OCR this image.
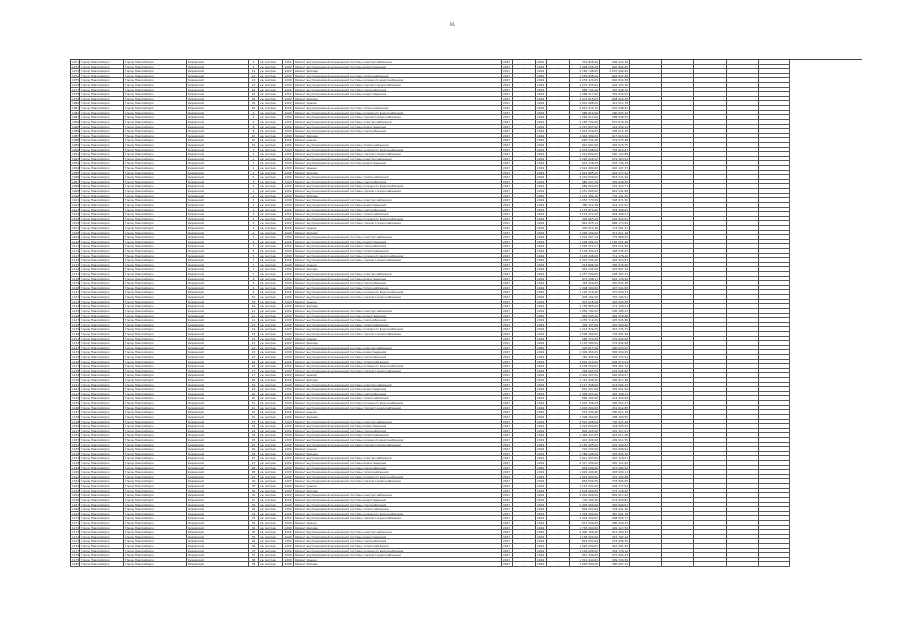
91
1071 Город Новосибирск	Город Новосибирск	Кировский	4	кв. метров	1200	Ремонт внутридомовой инженерной системы электроснабжения	2047	-	2049	-	312 856,00	285 414,10
1072 Город Новосибирск	Город Новосибирск	Кировский	4	кв. метров	1200	Ремонт внутридомовой инженерной системы водоотведения	2047	-	2049	-	1 498 636,18	920 804,85
1073 Город Новосибирск	Город Новосибирск	Кировский	14	кв. метров	1200	Ремонт фасада	2047	-	2049	-	4 182 748,00	2 870 584,00
1074 Город Новосибирск	Город Новосибирск	Кировский	14	кв. метров	1200	Ремонт внутридомовой инженерной системы теплоснабжения	2047	-	2049	-	1 250 848,00	604 847,25
1075 Город Новосибирск	Город Новосибирск	Кировский	14	кв. метров	1200	Ремонт внутридомовой инженерной системы холодного водоснабжения	2047	-	2049	-	2 253 420,00	604 842,58
1076 Город Новосибирск	Город Новосибирск	Кировский	14	кв. метров	1200	Ремонт внутридомовой инженерной системы горячего водоснабжения	2047	-	2049	-	1 575 335,00	402 125,40
1077 Город Новосибирск	Город Новосибирск	Кировский	16	кв. метров	1200	Ремонт внутридомовой инженерной системы газоснабжения	2047	-	2049	-	689 744,00	397 428,75
1078 Город Новосибирск	Город Новосибирск	Кировский	16	кв. метров	1200	Ремонт внутридомовой инженерной системы водоотведения	2047	-	2049	-	1 268 217,00	381 033,05
1079 Город Новосибирск	Город Новосибирск	Кировский	16	кв. метров	1200	Ремонт фасада	2047	-	2049	-	2 474 815,00	838 416,38
1080 Город Новосибирск	Город Новосибирск	Кировский	16	кв. метров	1200	Ремонт крыши	2047	-	2049	-	1 614 286,00	411 511,78
1081 Город Новосибирск	Город Новосибирск	Кировский	16	кв. метров	1200	Ремонт внутридомовой инженерной системы теплоснабжения	2047	-	2049	-	2 641 274,75	401 548,97
1082 Город Новосибирск	Город Новосибирск	Кировский	2	кв. метров	1200	Ремонт внутридомовой инженерной системы холодного водоснабжения	2047	-	2049	-	386 810,00	290 023,34
1083 Город Новосибирск	Город Новосибирск	Кировский	2	кв. метров	1200	Ремонт внутридомовой инженерной системы горячего водоснабжения	2047	-	2049	-	1 066 414,00	288 938,55
1084 Город Новосибирск	Город Новосибирск	Кировский	2	кв. метров	1200	Ремонт внутридомовой инженерной системы электроснабжения	2047	-	2049	-	2 163 722,00	675 876,18
1085 Город Новосибирск	Город Новосибирск	Кировский	8	кв. метров	1200	Ремонт внутридомовой инженерной системы водоотведения	2047	-	2049	-	2 215 807,00	324 050,15
1086 Город Новосибирск	Город Новосибирск	Кировский	8	кв. метров	1200	Ремонт внутридомовой инженерной системы газоснабжения	2047	-	2049	-	1 012 250,00	209 512,10
1087 Город Новосибирск	Город Новосибирск	Кировский	10	кв. метров	1200	Ремонт фасада	2047	-	2049	-	1 402 389,00	617 015,44
1088 Город Новосибирск	Город Новосибирск	Кировский	10	кв. метров	1200	Ремонт крыши	2047	-	2049	-	682 334,00	319 575,48
1089 Город Новосибирск	Город Новосибирск	Кировский	10	кв. метров	1200	Ремонт внутридомовой инженерной системы теплоснабжения	2047	-	2049	-	622 997,00	402 573,75
1090 Город Новосибирск	Город Новосибирск	Кировский	1	кв. метров	1200	Ремонт внутридомовой инженерной системы холодного водоснабжения	2047	-	2049	-	2 078 048,00	763 614,87
1091 Город Новосибирск	Город Новосибирск	Кировский	1	кв. метров	1200	Ремонт внутридомовой инженерной системы горячего водоснабжения	2047	-	2049	-	1 314 802,00	580 122,88
1092 Город Новосибирск	Город Новосибирск	Кировский	1	кв. метров	1200	Ремонт внутридомовой инженерной системы электроснабжения	2047	-	2049	-	3 295 629,00	679 263,04
1093 Город Новосибирск	Город Новосибирск	Кировский	1	кв. метров	1200	Ремонт внутридомовой инженерной системы водоотведения	2047	-	2049	-	614 128,00	502 746,19
1094 Город Новосибирск	Город Новосибирск	Кировский	1	кв. метров	1200	Ремонт крыши	2047	-	2049	-	1 522 480,00	445 107,37
1095 Город Новосибирск	Город Новосибирск	Кировский	2	кв. метров	1200	Ремонт фасада	2047	-	2049	-	2 041 885,00	644 577,91
1096 Город Новосибирск	Город Новосибирск	Кировский	2	кв. метров	1200	Ремонт внутридомовой инженерной системы теплоснабжения	2047	-	2049	-	3 215 839,00	843 271,40
1097 Город Новосибирск	Город Новосибирск	Кировский	2	кв. метров	1200	Ремонт внутридомовой инженерной системы газоснабжения	2047	-	2049	-	480 237,00	309 638,00
1098 Город Новосибирск	Город Новосибирск	Кировский	2	кв. метров	1200	Ремонт внутридомовой инженерной системы холодного водоснабжения	2047	-	2049	-	284 620,00	321 114,71
1099 Город Новосибирск	Город Новосибирск	Кировский	2	кв. метров	1200	Ремонт внутридомовой инженерной системы горячего водоснабжения	2047	-	2049	-	1 251 800,00	842 241,68
1100 Город Новосибирск	Город Новосибирск	Кировский	2	кв. метров	1200	Ремонт фасада	2047	-	2049	-	1 112 364,10	701 121,55
1101 Город Новосибирск	Город Новосибирск	Кировский	3	кв. метров	1200	Ремонт внутридомовой инженерной системы электроснабжения	2047	-	2049	-	1 053 770,56	508 971,50
1102 Город Новосибирск	Город Новосибирск	Кировский	3	кв. метров	1200	Ремонт внутридомовой инженерной системы водоотведения	2047	-	2049	-	386 312,58	212 347,05
1103 Город Новосибирск	Город Новосибирск	Кировский	3	кв. метров	1200	Ремонт внутридомовой инженерной системы газоснабжения	2047	-	2049	-	1 115 870,00	478 458,05
1104 Город Новосибирск	Город Новосибирск	Кировский	3	кв. метров	1200	Ремонт внутридомовой инженерной системы теплоснабжения	2047	-	2049	-	3 172 471,00	949 209,47
1105 Город Новосибирск	Город Новосибирск	Кировский	4	кв. метров	1200	Ремонт внутридомовой инженерной системы холодного водоснабжения	2047	-	2049	-	305 663,00	201 522,61
1106 Город Новосибирск	Город Новосибирск	Кировский	4	кв. метров	1200	Ремонт внутридомовой инженерной системы горячего водоснабжения	2047	-	2049	-	891 635,14	688 173,09
1107 Город Новосибирск	Город Новосибирск	Кировский	4	кв. метров	1200	Ремонт крыши	2047	-	2049	-	305 874,46	713 561,21
1108 Город Новосибирск	Город Новосибирск	Кировский	4	кв. метров	1200	Ремонт фасада	2047	-	2049	-	1 295 100,00	311 211,19
1109 Город Новосибирск	Город Новосибирск	Кировский	5	кв. метров	1200	Ремонт внутридомовой инженерной системы электроснабжения	2047	-	2049	-	1 215 267,14	775 880,25
1110 Город Новосибирск	Город Новосибирск	Кировский	5	кв. метров	1200	Ремонт внутридомовой инженерной системы водоотведения	2047	-	2049	-	1 148 084,00	1 165 521,48
1111 Город Новосибирск	Город Новосибирск	Кировский	5	кв. метров	1200	Ремонт внутридомовой инженерной системы газоснабжения	2047	-	2049	-	1 220 271,57	344 512,56
1112 Город Новосибирск	Город Новосибирск	Кировский	5	кв. метров	1200	Ремонт внутридомовой инженерной системы теплоснабжения	2047	-	2049	-	1 118 300,44	368 035,02
1113 Город Новосибирск	Город Новосибирск	Кировский	5	кв. метров	1200	Ремонт внутридомовой инженерной системы холодного водоснабжения	2047	-	2049	-	1 105 248,00	711 178,42
1114 Город Новосибирск	Город Новосибирск	Кировский	7	кв. метров	1200	Ремонт внутридомовой инженерной системы горячего водоснабжения	2047	-	2049	-	2 315 204,00	402 514,07
1115 Город Новосибирск	Город Новосибирск	Кировский	7	кв. метров	1200	Ремонт крыши	2047	-	2049	-	313 806,00	300 376,06
1116 Город Новосибирск	Город Новосибирск	Кировский	7	кв. метров	1200	Ремонт фасада	2047	-	2049	-	642 245,00	422 897,44
1117 Город Новосибирск	Город Новосибирск	Кировский	7	кв. метров	1200	Ремонт внутридомовой инженерной системы электроснабжения	2047	-	2049	-	1 257 500,00	208 307,31
1118 Город Новосибирск	Город Новосибирск	Кировский	9	кв. метров	1200	Ремонт внутридомовой инженерной системы водоотведения	2047	-	2049	-	973 108,17	603 139,06
1119 Город Новосибирск	Город Новосибирск	Кировский	9	кв. метров	1200	Ремонт внутридомовой инженерной системы газоснабжения	2047	-	2049	-	362 420,00	340 843,38
1120 Город Новосибирск	Город Новосибирск	Кировский	9	кв. метров	1200	Ремонт внутридомовой инженерной системы теплоснабжения	2047	-	2049	-	1 308 000,00	407 541,08
1121 Город Новосибирск	Город Новосибирск	Кировский	9	кв. метров	1200	Ремонт внутридомовой инженерной системы холодного водоснабжения	2047	-	2049	-	1 125 210,00	470 000,73
1122 Город Новосибирск	Город Новосибирск	Кировский	10	кв. метров	1200	Ремонт внутридомовой инженерной системы горячего водоснабжения	2047	-	2049	-	403 102,00	307 104,61
1123 Город Новосибирск	Город Новосибирск	Кировский	10	кв. метров	1200	Ремонт крыши	2047	-	2049	-	912 016,00	326 003,08
1124 Город Новосибирск	Город Новосибирск	Кировский	10	кв. метров	1200	Ремонт фасада	2047	-	2049	-	1 783 665,00	371 118,04
1125 Город Новосибирск	Город Новосибирск	Кировский	11	кв. метров	1200	Ремонт внутридомовой инженерной системы электроснабжения	2047	-	2049	-	1 850 790,00	506 185,23
1126 Город Новосибирск	Город Новосибирск	Кировский	11	кв. метров	1200	Ремонт внутридомовой инженерной системы водоотведения	2047	-	2049	-	844 503,00	492 518,08
1127 Город Новосибирск	Город Новосибирск	Кировский	11	кв. метров	1200	Ремонт внутридомовой инженерной системы газоснабжения	2047	-	2049	-	1 255 712,00	425 005,86
1128 Город Новосибирск	Город Новосибирск	Кировский	12	кв. метров	1200	Ремонт внутридомовой инженерной системы теплоснабжения	2047	-	2049	-	499 337,00	287 000,00
1129 Город Новосибирск	Город Новосибирск	Кировский	12	кв. метров	1200	Ремонт внутридомовой инженерной системы холодного водоснабжения	2047	-	2049	-	1 213 470,20	451 133,31
1130 Город Новосибирск	Город Новосибирск	Кировский	13	кв. метров	1200	Ремонт внутридомовой инженерной системы горячего водоснабжения	2047	-	2049	-	1 508 300,00	704 281,90
1131 Город Новосибирск	Город Новосибирск	Кировский	13	кв. метров	1200	Ремонт крыши	2047	-	2049	-	286 750,00	270 000,00
1132 Город Новосибирск	Город Новосибирск	Кировский	14	кв. метров	1200	Ремонт фасада	2047	-	2049	-	1 103 580,00	372 002,08
1133 Город Новосибирск	Город Новосибирск	Кировский	14	кв. метров	1200	Ремонт внутридомовой инженерной системы электроснабжения	2047	-	2049	-	503 817,00	400 023,07
1134 Город Новосибирск	Город Новосибирск	Кировский	15	кв. метров	1200	Ремонт внутридомовой инженерной системы водоотведения	2047	-	2049	-	1 300 254,00	346 009,05
1135 Город Новосибирск	Город Новосибирск	Кировский	15	кв. метров	1200	Ремонт внутридомовой инженерной системы газоснабжения	2047	-	2049	-	762 455,00	303 715,01
1136 Город Новосибирск	Город Новосибирск	Кировский	16	кв. метров	1200	Ремонт внутридомовой инженерной системы теплоснабжения	2047	-	2049	-	1 044 210,00	604 013,04
1137 Город Новосибирск	Город Новосибирск	Кировский	16	кв. метров	1200	Ремонт внутридомовой инженерной системы холодного водоснабжения	2047	-	2049	-	2 108 250,00	325 201,32
1138 Город Новосибирск	Город Новосибирск	Кировский	17	кв. метров	1200	Ремонт внутридомовой инженерной системы горячего водоснабжения	2047	-	2049	-	348 003,00	222 004,00
1139 Город Новосибирск	Город Новосибирск	Кировский	17	кв. метров	1200	Ремонт крыши	2047	-	2049	-	1 403 207,00	540 018,07
1140 Город Новосибирск	Город Новосибирск	Кировский	18	кв. метров	1200	Ремонт фасада	2047	-	2049	-	1 715 000,00	300 017,48
1141 Город Новосибирск	Город Новосибирск	Кировский	19	кв. метров	1200	Ремонт внутридомовой инженерной системы электроснабжения	2047	-	2049	-	2 117 338,00	513 004,13
1142 Город Новосибирск	Город Новосибирск	Кировский	19	кв. метров	1200	Ремонт внутридомовой инженерной системы водоотведения	2047	-	2049	-	610 207,00	302 001,02
1143 Город Новосибирск	Город Новосибирск	Кировский	20	кв. метров	1200	Ремонт внутридомовой инженерной системы газоснабжения	2047	-	2049	-	1 309 503,00	440 108,31
1144 Город Новосибирск	Город Новосибирск	Кировский	20	кв. метров	1200	Ремонт внутридомовой инженерной системы теплоснабжения	2047	-	2049	-	884 100,00	214 220,08
1145 Город Новосибирск	Город Новосибирск	Кировский	21	кв. метров	1200	Ремонт внутридомовой инженерной системы холодного водоснабжения	2047	-	2049	-	1 225 306,00	306 552,47
1146 Город Новосибирск	Город Новосибирск	Кировский	21	кв. метров	1200	Ремонт внутридомовой инженерной системы горячего водоснабжения	2047	-	2049	-	1 003 200,00	251 012,85
1147 Город Новосибирск	Город Новосибирск	Кировский	22	кв. метров	1200	Ремонт крыши	2047	-	2049	-	512 230,00	280 011,10
1148 Город Новосибирск	Город Новосибирск	Кировский	22	кв. метров	1200	Ремонт фасада	2047	-	2049	-	1 408 200,00	406 100,05
1149 Город Новосибирск	Город Новосибирск	Кировский	23	кв. метров	1200	Ремонт внутридомовой инженерной системы электроснабжения	2047	-	2049	-	2 510 008,00	720 211,40
1150 Город Новосибирск	Город Новосибирск	Кировский	23	кв. метров	1200	Ремонт внутридомовой инженерной системы водоотведения	2047	-	2049	-	1 224 000,00	318 005,02
1151 Город Новосибирск	Город Новосибирск	Кировский	24	кв. метров	1200	Ремонт внутридомовой инженерной системы газоснабжения	2047	-	2049	-	822 120,00	210 117,01
1152 Город Новосибирск	Город Новосибирск	Кировский	24	кв. метров	1200	Ремонт внутридомовой инженерной системы теплоснабжения	2047	-	2049	-	1 306 447,00	422 011,08
1153 Город Новосибирск	Город Новосибирск	Кировский	25	кв. метров	1200	Ремонт внутридомовой инженерной системы холодного водоснабжения	2047	-	2049	-	412 000,00	209 012,55
1154 Город Новосибирск	Город Новосибирск	Кировский	25	кв. метров	1200	Ремонт внутридомовой инженерной системы горячего водоснабжения	2047	-	2049	-	1 150 205,00	301 100,47
1155 Город Новосибирск	Город Новосибирск	Кировский	26	кв. метров	1200	Ремонт крыши	2047	-	2049	-	707 230,00	310 000,02
1156 Город Новосибирск	Город Новосибирск	Кировский	26	кв. метров	1200	Ремонт фасада	2047	-	2049	-	1 780 000,00	392 005,10
1157 Город Новосибирск	Город Новосибирск	Кировский	27	кв. метров	1200	Ремонт внутридомовой инженерной системы электроснабжения	2047	-	2049	-	1 011 447,00	407 118,07
1158 Город Новосибирск	Город Новосибирск	Кировский	27	кв. метров	1200	Ремонт внутридомовой инженерной системы водоотведения	2047	-	2049	-	2 317 200,00	520 111,63
1159 Город Новосибирск	Город Новосибирск	Кировский	28	кв. метров	1200	Ремонт внутридомовой инженерной системы газоснабжения	2047	-	2049	-	603 000,00	215 002,04
1160 Город Новосибирск	Город Новосибирск	Кировский	28	кв. метров	1200	Ремонт внутридомовой инженерной системы теплоснабжения	2047	-	2049	-	1 920 100,00	483 000,11
1161 Город Новосибирск	Город Новосибирск	Кировский	29	кв. метров	1200	Ремонт внутридомовой инженерной системы холодного водоснабжения	2047	-	2049	-	1 022 000,00	331 105,08
1162 Город Новосибирск	Город Новосибирск	Кировский	29	кв. метров	1200	Ремонт внутридомовой инженерной системы горячего водоснабжения	2047	-	2049	-	854 000,00	278 004,00
1163 Город Новосибирск	Город Новосибирск	Кировский	30	кв. метров	1200	Ремонт крыши	2047	-	2049	-	1 114 321,00	404 777,02
1164 Город Новосибирск	Город Новосибирск	Кировский	30	кв. метров	1200	Ремонт фасада	2047	-	2049	-	1 578 000,00	377 118,40
1165 Город Новосибирск	Город Новосибирск	Кировский	31	кв. метров	1200	Ремонт внутридомовой инженерной системы электроснабжения	2047	-	2049	-	2 201 000,00	605 017,02
1166 Город Новосибирск	Город Новосибирск	Кировский	31	кв. метров	1200	Ремонт внутридомовой инженерной системы водоотведения	2047	-	2049	-	702 200,00	213 000,87
1167 Город Новосибирск	Город Новосибирск	Кировский	32	кв. метров	1200	Ремонт внутридомовой инженерной системы газоснабжения	2047	-	2049	-	1 405 000,00	420 009,01
1168 Город Новосибирск	Город Новосибирск	Кировский	32	кв. метров	1200	Ремонт внутридомовой инженерной системы теплоснабжения	2047	-	2049	-	902 000,00	318 441,40
1169 Город Новосибирск	Город Новосибирск	Кировский	33	кв. метров	1200	Ремонт внутридомовой инженерной системы холодного водоснабжения	2047	-	2049	-	1 318 200,00	387 001,78
1170 Город Новосибирск	Город Новосибирск	Кировский	33	кв. метров	1200	Ремонт внутридомовой инженерной системы горячего водоснабжения	2047	-	2049	-	1 001 100,00	298 000,77
1171 Город Новосибирск	Город Новосибирск	Кировский	34	кв. метров	1200	Ремонт крыши	2047	-	2049	-	612 000,00	280 000,41
1172 Город Новосибирск	Город Новосибирск	Кировский	34	кв. метров	1200	Ремонт фасада	2047	-	2049	-	1 705 200,00	402 117,54
1173 Город Новосибирск	Город Новосибирск	Кировский	35	кв. метров	1200	Ремонт внутридомовой инженерной системы электроснабжения	2047	-	2049	-	2 400 100,00	611 200,31
1174 Город Новосибирск	Город Новосибирск	Кировский	35	кв. метров	1200	Ремонт внутридомовой инженерной системы водоотведения	2047	-	2049	-	1 158 000,00	321 702,12
1175 Город Новосибирск	Город Новосибирск	Кировский	36	кв. метров	1200	Ремонт внутридомовой инженерной системы газоснабжения	2047	-	2049	-	803 000,00	214 008,30
1176 Город Новосибирск	Город Новосибирск	Кировский	36	кв. метров	1200	Ремонт внутридомовой инженерной системы теплоснабжения	2047	-	2049	-	1 520 000,00	461 001,60
1177 Город Новосибирск	Город Новосибирск	Кировский	37	кв. метров	1200	Ремонт внутридомовой инженерной системы холодного водоснабжения	2047	-	2049	-	1 102 000,00	342 770,12
1178 Город Новосибирск	Город Новосибирск	Кировский	37	кв. метров	1200	Ремонт внутридомовой инженерной системы горячего водоснабжения	2047	-	2049	-	912 300,00	275 004,43
1179 Город Новосибирск	Город Новосибирск	Кировский	38	кв. метров	1200	Ремонт крыши	2047	-	2049	-	1 311 440,00	409 330,56
1180 Город Новосибирск	Город Новосибирск	Кировский	38	кв. метров	1200	Ремонт фасада	2047	-	2049	-	1 620 000,00	380 007,21
